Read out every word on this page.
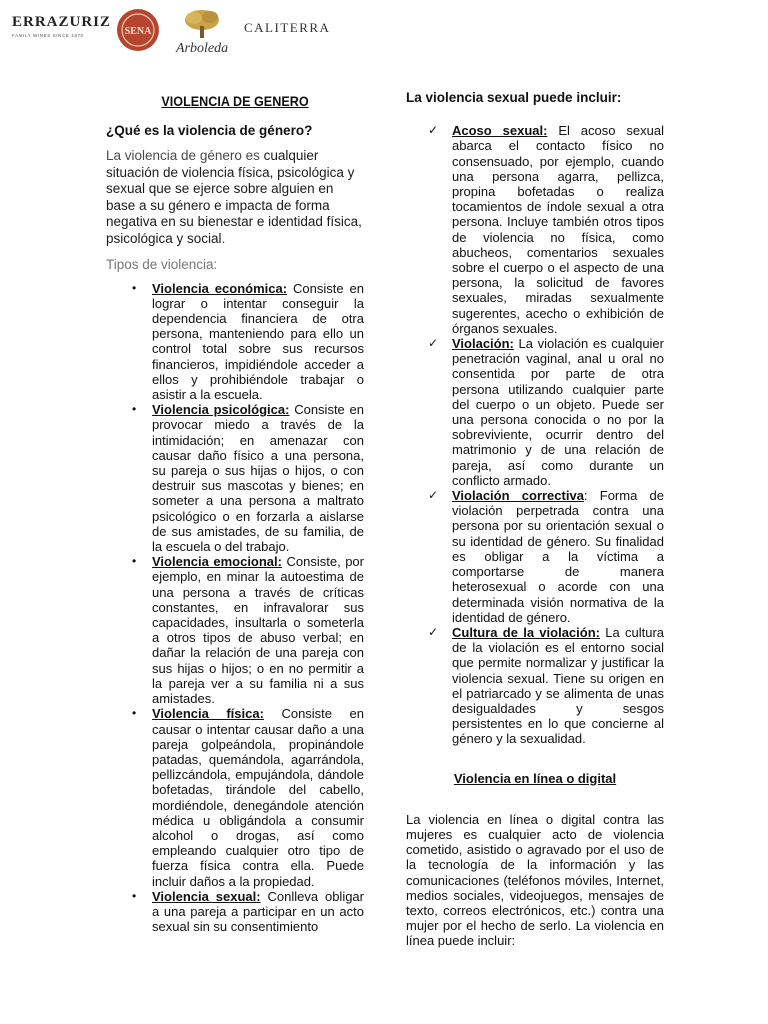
ERRAZURIZ
FAMILY WINES SINCE 1870	SENA
Arboleda
CALITERRA
VIOLENCIA DE GENERO
¿Qué es la violencia de género?
La violencia de género es cualquier situación de violencia física, psicológica y sexual que se ejerce sobre alguien en base a su género e impacta de forma negativa en su bienestar e identidad física, psicológica y social.
Tipos de violencia:
• Violencia económica: Consiste en lograr o intentar conseguir la dependencia financiera de otra persona, manteniendo para ello un control total sobre sus recursos financieros, impidiéndole acceder a ellos y prohibiéndole trabajar o asistir a la escuela.
• Violencia psicológica: Consiste en provocar miedo a través de la intimidación; en amenazar con causar daño físico a una persona, su pareja o sus hijas o hijos, o con destruir sus mascotas y bienes; en someter a una persona a maltrato psicológico o en forzarla a aislarse de sus amistades, de su familia, de la escuela o del trabajo.
• Violencia emocional: Consiste, por ejemplo, en minar la autoestima de una persona a través de críticas constantes, en infravalorar sus capacidades, insultarla o someterla a otros tipos de abuso verbal; en dañar la relación de una pareja con sus hijas o hijos; o en no permitir a la pareja ver a su familia ni a sus amistades.
• Violencia física: Consiste en causar o intentar causar daño a una pareja golpeándola, propinándole patadas, quemándola, agarrándola, pellizcándola, empujándola, dándole bofetadas, tirándole del cabello, mordiéndole, denegándole atención médica u obligándola a consumir alcohol o drogas, así como empleando cualquier otro tipo de fuerza física contra ella. Puede incluir daños a la propiedad.
• Violencia sexual: Conlleva obligar a una pareja a participar en un acto sexual sin su consentimiento
La violencia sexual puede incluir:
✓ Acoso sexual: El acoso sexual abarca el contacto físico no consensuado, por ejemplo, cuando una persona agarra, pellizca, propina bofetadas o realiza tocamientos de índole sexual a otra persona. Incluye también otros tipos de violencia no física, como abucheos, comentarios sexuales sobre el cuerpo o el aspecto de una persona, la solicitud de favores sexuales, miradas sexualmente sugerentes, acecho o exhibición de órganos sexuales.
✓ Violación: La violación es cualquier penetración vaginal, anal u oral no consentida por parte de otra persona utilizando cualquier parte del cuerpo o un objeto. Puede ser una persona conocida o no por la sobreviviente, ocurrir dentro del matrimonio y de una relación de pareja, así como durante un conflicto armado.
✓ Violación correctiva: Forma de violación perpetrada contra una persona por su orientación sexual o su identidad de género. Su finalidad es obligar a la víctima a comportarse de manera heterosexual o acorde con una determinada visión normativa de la identidad de género.
✓ Cultura de la violación: La cultura de la violación es el entorno social que permite normalizar y justificar la violencia sexual. Tiene su origen en el patriarcado y se alimenta de unas desigualdades y sesgos persistentes en lo que concierne al género y la sexualidad.
Violencia en línea o digital
La violencia en línea o digital contra las mujeres es cualquier acto de violencia cometido, asistido o agravado por el uso de la tecnología de la información y las comunicaciones (teléfonos móviles, Internet, medios sociales, videojuegos, mensajes de texto, correos electrónicos, etc.) contra una mujer por el hecho de serlo. La violencia en línea puede incluir:
